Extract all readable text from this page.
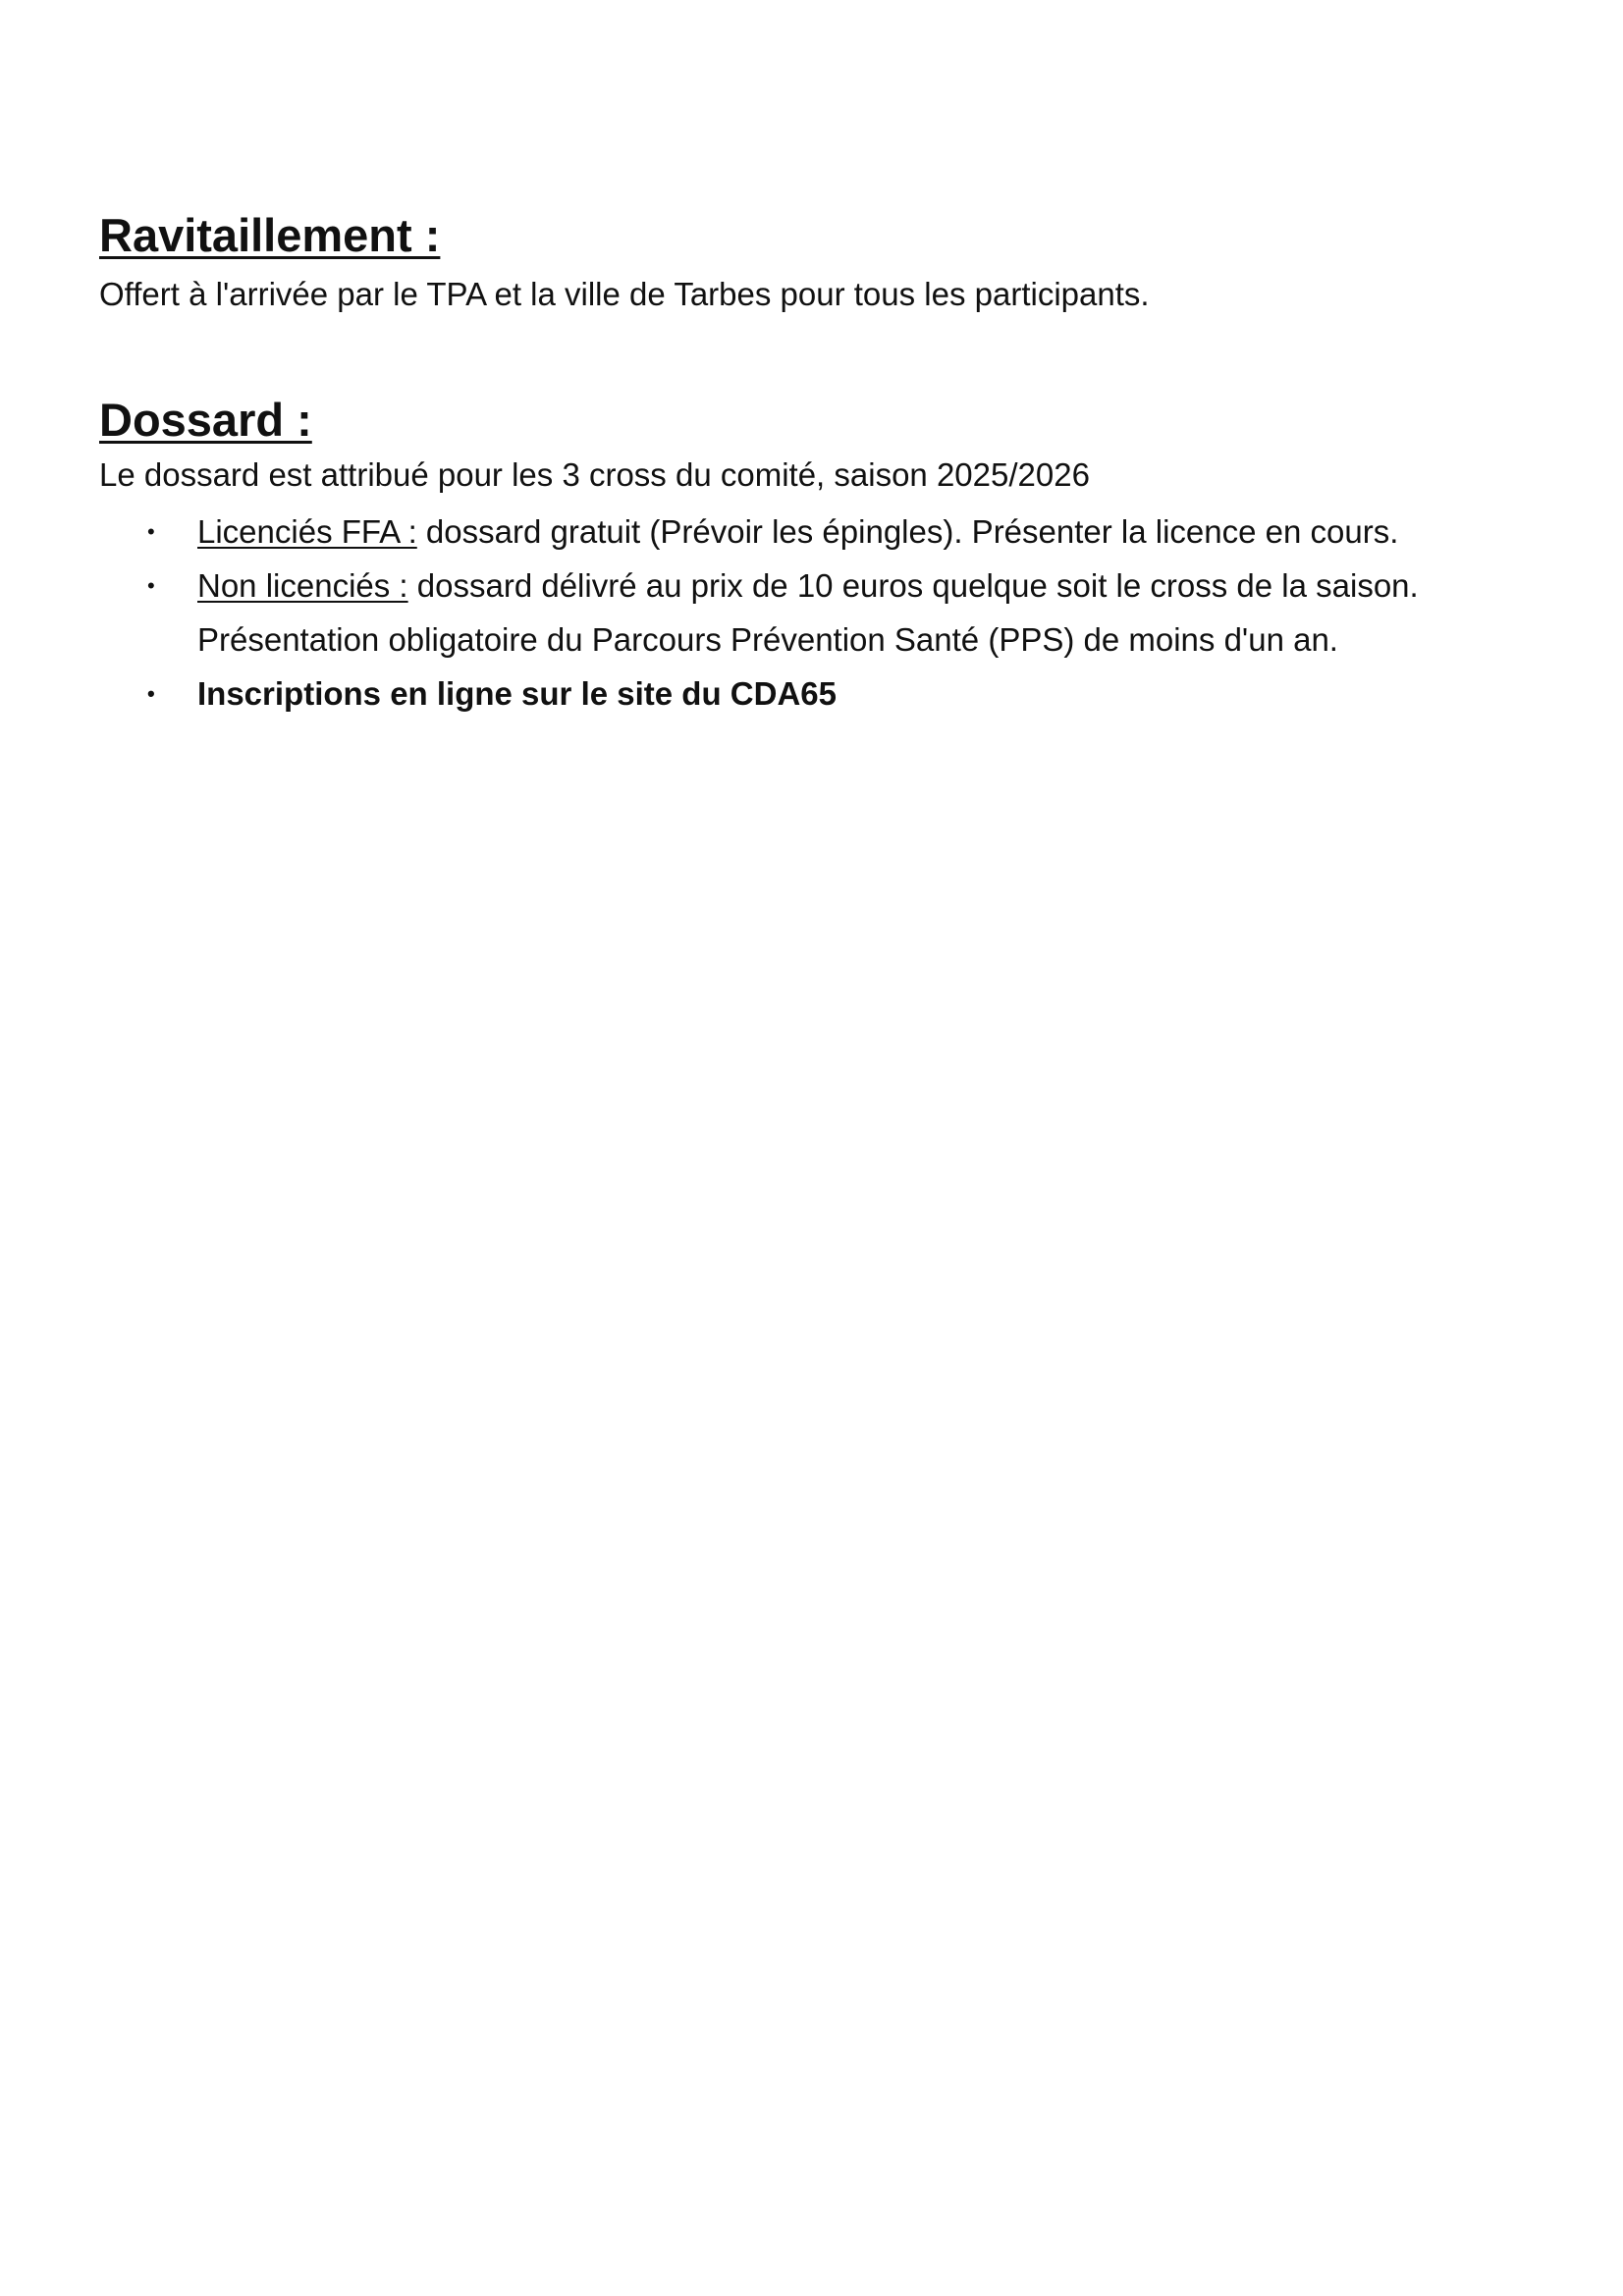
Ravitaillement :

Offert à l'arrivée par le TPA et la ville de Tarbes pour tous les participants.

Dossard :

Le dossard est attribué pour les 3 cross du comité, saison 2025/2026

• Licenciés FFA : dossard gratuit (Prévoir les épingles). Présenter la licence en cours.
• Non licenciés : dossard délivré au prix de 10 euros quelque soit le cross de la saison.
Présentation obligatoire du Parcours Prévention Santé (PPS) de moins d'un an.
• Inscriptions en ligne sur le site du CDA65
